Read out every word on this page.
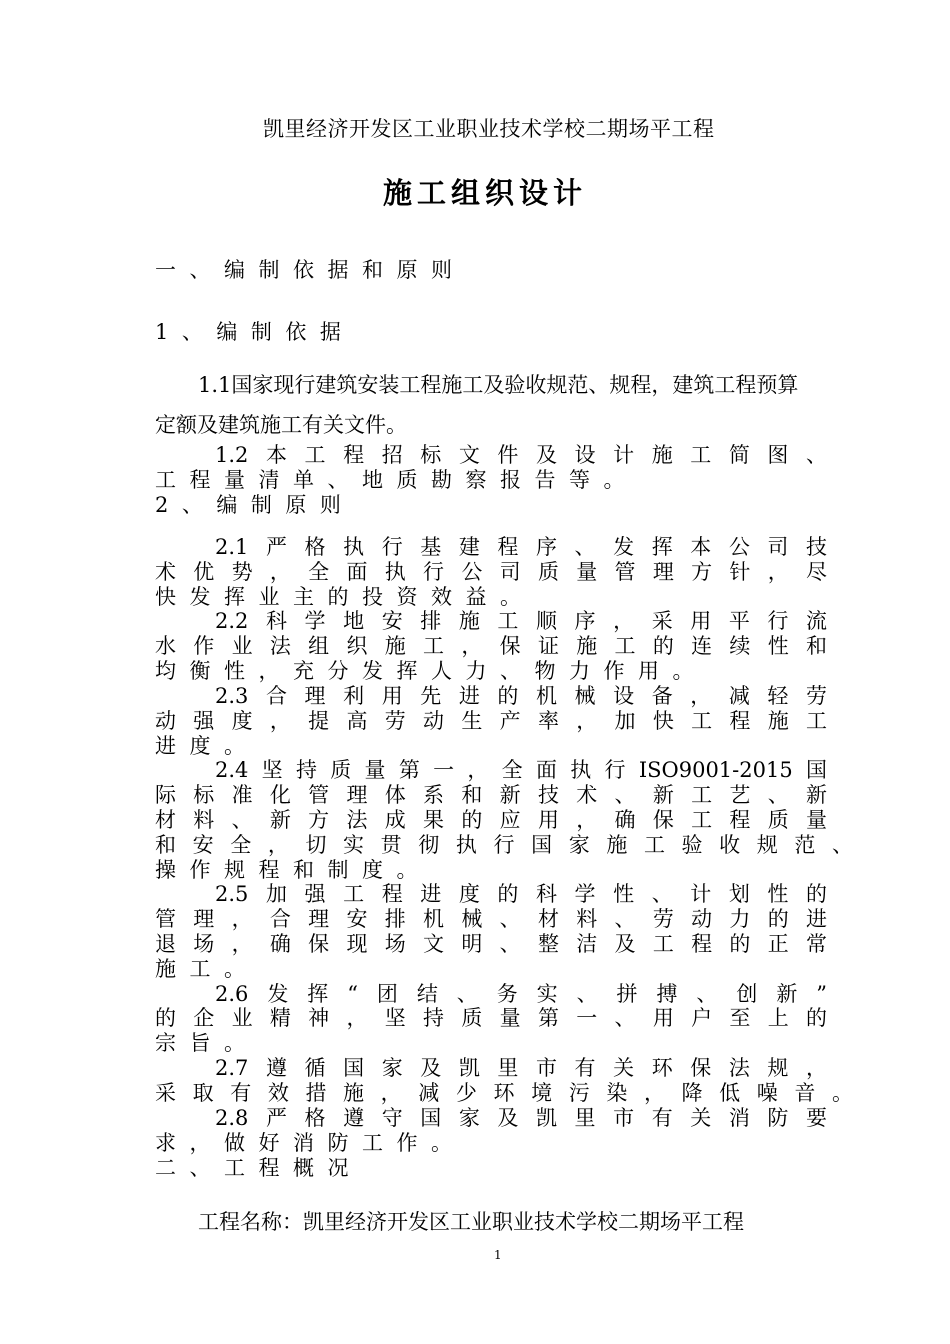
凯里经济开发区工业职业技术学校二期场平工程
施工组织设计
一、编制依据和原则
1、编制依据
1.1国家现行建筑安装工程施工及验收规范、规程，建筑工程预算
定额及建筑施工有关文件。
1.2本工程招标文件及设计施工简图、
工程量清单、地质勘察报告等。
2、编制原则
2.1严格执行基建程序、发挥本公司技
术优势，全面执行公司质量管理方针，尽
快发挥业主的投资效益。
2.2科学地安排施工顺序，采用平行流
水作业法组织施工，保证施工的连续性和
均衡性，充分发挥人力、物力作用。
2.3合理利用先进的机械设备，减轻劳
动强度，提高劳动生产率，加快工程施工
进度。
2.4坚持质量第一，全面执行ISO9001-2015国
际标准化管理体系和新技术、新工艺、新
材料、新方法成果的应用，确保工程质量
和安全，切实贯彻执行国家施工验收规范、
操作规程和制度。
2.5加强工程进度的科学性、计划性的
管理，合理安排机械、材料、劳动力的进
退场，确保现场文明、整洁及工程的正常
施工。
2.6发挥“团结、务实、拼搏、创新”
的企业精神，坚持质量第一、用户至上的
宗旨。
2.7遵循国家及凯里市有关环保法规，
采取有效措施，减少环境污染，降低噪音。
2.8严格遵守国家及凯里市有关消防要
求，做好消防工作。
二、工程概况
工程名称：凯里经济开发区工业职业技术学校二期场平工程
1
